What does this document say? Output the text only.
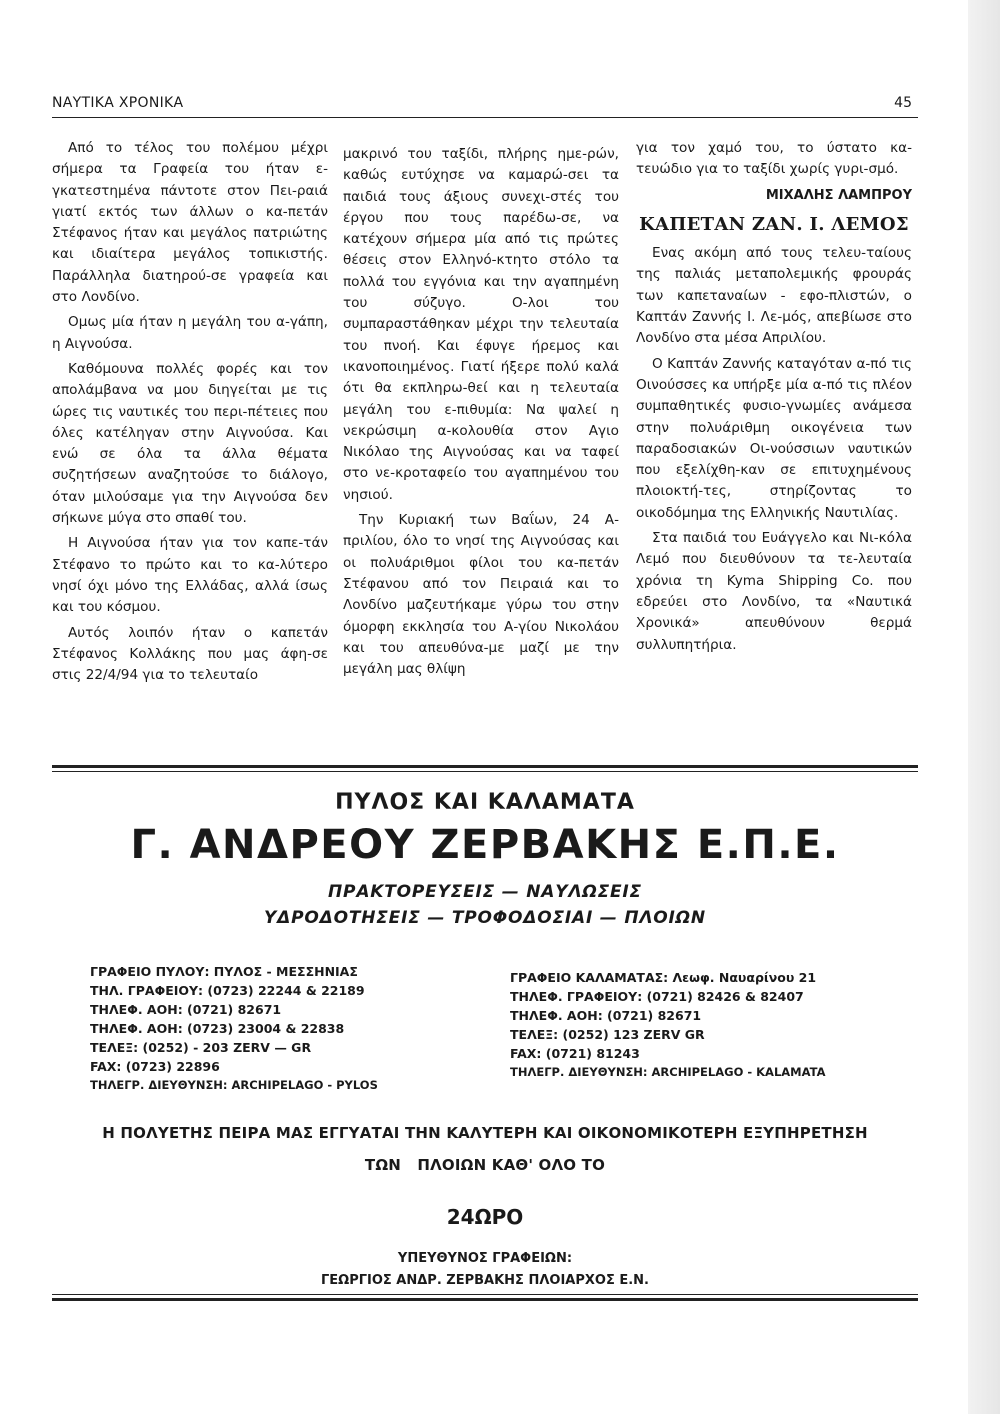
ΝΑΥΤΙΚΑ ΧΡΟΝΙΚΑ	45

Από το τέλος του πολέμου μέχρι σήμερα τα Γραφεία του ήταν ε-γκατεστημένα πάντοτε στον Πει-ραιά γιατί εκτός των άλλων ο κα-πετάν Στέφανος ήταν και μεγάλος πατριώτης και ιδιαίτερα μεγάλος τοπικιστής. Παράλληλα διατηρού-σε γραφεία και στο Λονδίνο.

Ομως μία ήταν η μεγάλη του α-γάπη, η Αιγνούσα.

Καθόμουνα πολλές φορές και τον απολάμβανα να μου διηγείται με τις ώρες τις ναυτικές του περι-πέτειες που όλες κατέληγαν στην Αιγνούσα. Και ενώ σε όλα τα άλλα θέματα συζητήσεων αναζητούσε το διάλογο, όταν μιλούσαμε για την Αιγνούσα δεν σήκωνε μύγα στο σπαθί του.

Η Αιγνούσα ήταν για τον καπε-τάν Στέφανο το πρώτο και το κα-λύτερο νησί όχι μόνο της Ελλάδας, αλλά ίσως και του κόσμου.

Αυτός λοιπόν ήταν ο καπετάν Στέφανος Κολλάκης που μας άφη-σε στις 22/4/94 για το τελευταίο

μακρινό του ταξίδι, πλήρης ημε-ρών, καθώς ευτύχησε να καμαρώ-σει τα παιδιά τους άξιους συνεχι-στές του έργου που τους παρέδω-σε, να κατέχουν σήμερα μία από τις πρώτες θέσεις στον Ελληνό-κτητο στόλο τα πολλά του εγγόνια και την αγαπημένη του σύζυγο. Ο-λοι του συμπαραστάθηκαν μέχρι την τελευταία του πνοή. Και έφυγε ήρεμος και ικανοποιημένος. Γιατί ήξερε πολύ καλά ότι θα εκπληρω-θεί και η τελευταία μεγάλη του ε-πιθυμία: Να ψαλεί η νεκρώσιμη α-κολουθία στον Αγιο Νικόλαο της Αιγνούσας και να ταφεί στο νε-κροταφείο του αγαπημένου του νησιού.

Την Κυριακή των Βαΐων, 24 Α-πριλίου, όλο το νησί της Αιγνούσας και οι πολυάριθμοι φίλοι του κα-πετάν Στέφανου από τον Πειραιά και το Λονδίνο μαζευτήκαμε γύρω του στην όμορφη εκκλησία του Α-γίου Νικολάου και του απευθύνα-με μαζί με την μεγάλη μας θλίψη

για τον χαμό του, το ύστατο κα-τευώδιο για το ταξίδι χωρίς γυρι-σμό.

ΜΙΧΑΛΗΣ ΛΑΜΠΡΟΥ
ΚΑΠΕΤΑΝ ΖΑΝ. Ι. ΛΕΜΟΣ

Ενας ακόμη από τους τελευ-ταίους της παλιάς μεταπολεμικής φρουράς των καπεταναίων - εφο-πλιστών, ο Καπτάν Ζαννής Ι. Λε-μός, απεβίωσε στο Λονδίνο στα μέσα Απριλίου.

Ο Καπτάν Ζαννής καταγόταν α-πό τις Οινούσσες κα υπήρξε μία α-πό τις πλέον συμπαθητικές φυσιο-γνωμίες ανάμεσα στην πολυάριθμη οικογένεια των παραδοσιακών Οι-νούσσιων ναυτικών που εξελίχθη-καν σε επιτυχημένους πλοιοκτή-τες, στηρίζοντας το οικοδόμημα της Ελληνικής Ναυτιλίας.

Στα παιδιά του Ευάγγελο και Νι-κόλα Λεμό που διευθύνουν τα τε-λευταία χρόνια τη Kyma Shipping Co. που εδρεύει στο Λονδίνο, τα «Ναυτικά Χρονικά» απευθύνουν θερμά συλλυπητήρια.

ΠΥΛΟΣ ΚΑΙ ΚΑΛΑΜΑΤΑ
Γ. ΑΝΔΡΕΟΥ ΖΕΡΒΑΚΗΣ Ε.Π.Ε.
ΠΡΑΚΤΟΡΕΥΣΕΙΣ — ΝΑΥΛΩΣΕΙΣ
ΥΔΡΟΔΟΤΗΣΕΙΣ — ΤΡΟΦΟΔΟΣΙΑΙ — ΠΛΟΙΩΝ
ΓΡΑΦΕΙΟ ΠΥΛΟΥ: ΠΥΛΟΣ - ΜΕΣΣΗΝΙΑΣ
ΤΗΛ. ΓΡΑΦΕΙΟΥ: (0723) 22244 & 22189
ΤΗΛΕΦ. ΑΟΗ: (0721) 82671
ΤΗΛΕΦ. ΑΟΗ: (0723) 23004 & 22838
ΤΕΛΕΞ: (0252) - 203 ZERV — GR
FAX: (0723) 22896
ΤΗΛΕΓΡ. ΔΙΕΥΘΥΝΣΗ: ARCHIPELAGO - PYLOS
ΓΡΑΦΕΙΟ ΚΑΛΑΜΑΤΑΣ: Λεωφ. Ναυαρίνου 21
ΤΗΛΕΦ. ΓΡΑΦΕΙΟΥ: (0721) 82426 & 82407
ΤΗΛΕΦ. ΑΟΗ: (0721) 82671
ΤΕΛΕΞ: (0252) 123 ZERV GR
FAX: (0721) 81243
ΤΗΛΕΓΡ. ΔΙΕΥΘΥΝΣΗ: ARCHIPELAGO - KALAMATA
Η ΠΟΛΥΕΤΗΣ ΠΕΙΡΑ ΜΑΣ ΕΓΓΥΑΤΑΙ ΤΗΝ ΚΑΛΥΤΕΡΗ ΚΑΙ ΟΙΚΟΝΟΜΙΚΟΤΕΡΗ ΕΞΥΠΗΡΕΤΗΣΗ
ΤΩΝ   ΠΛΟΙΩΝ ΚΑΘ' ΟΛΟ ΤΟ
24ΩΡΟ
ΥΠΕΥΘΥΝΟΣ ΓΡΑΦΕΙΩΝ:
ΓΕΩΡΓΙΟΣ ΑΝΔΡ. ΖΕΡΒΑΚΗΣ ΠΛΟΙΑΡΧΟΣ Ε.Ν.
